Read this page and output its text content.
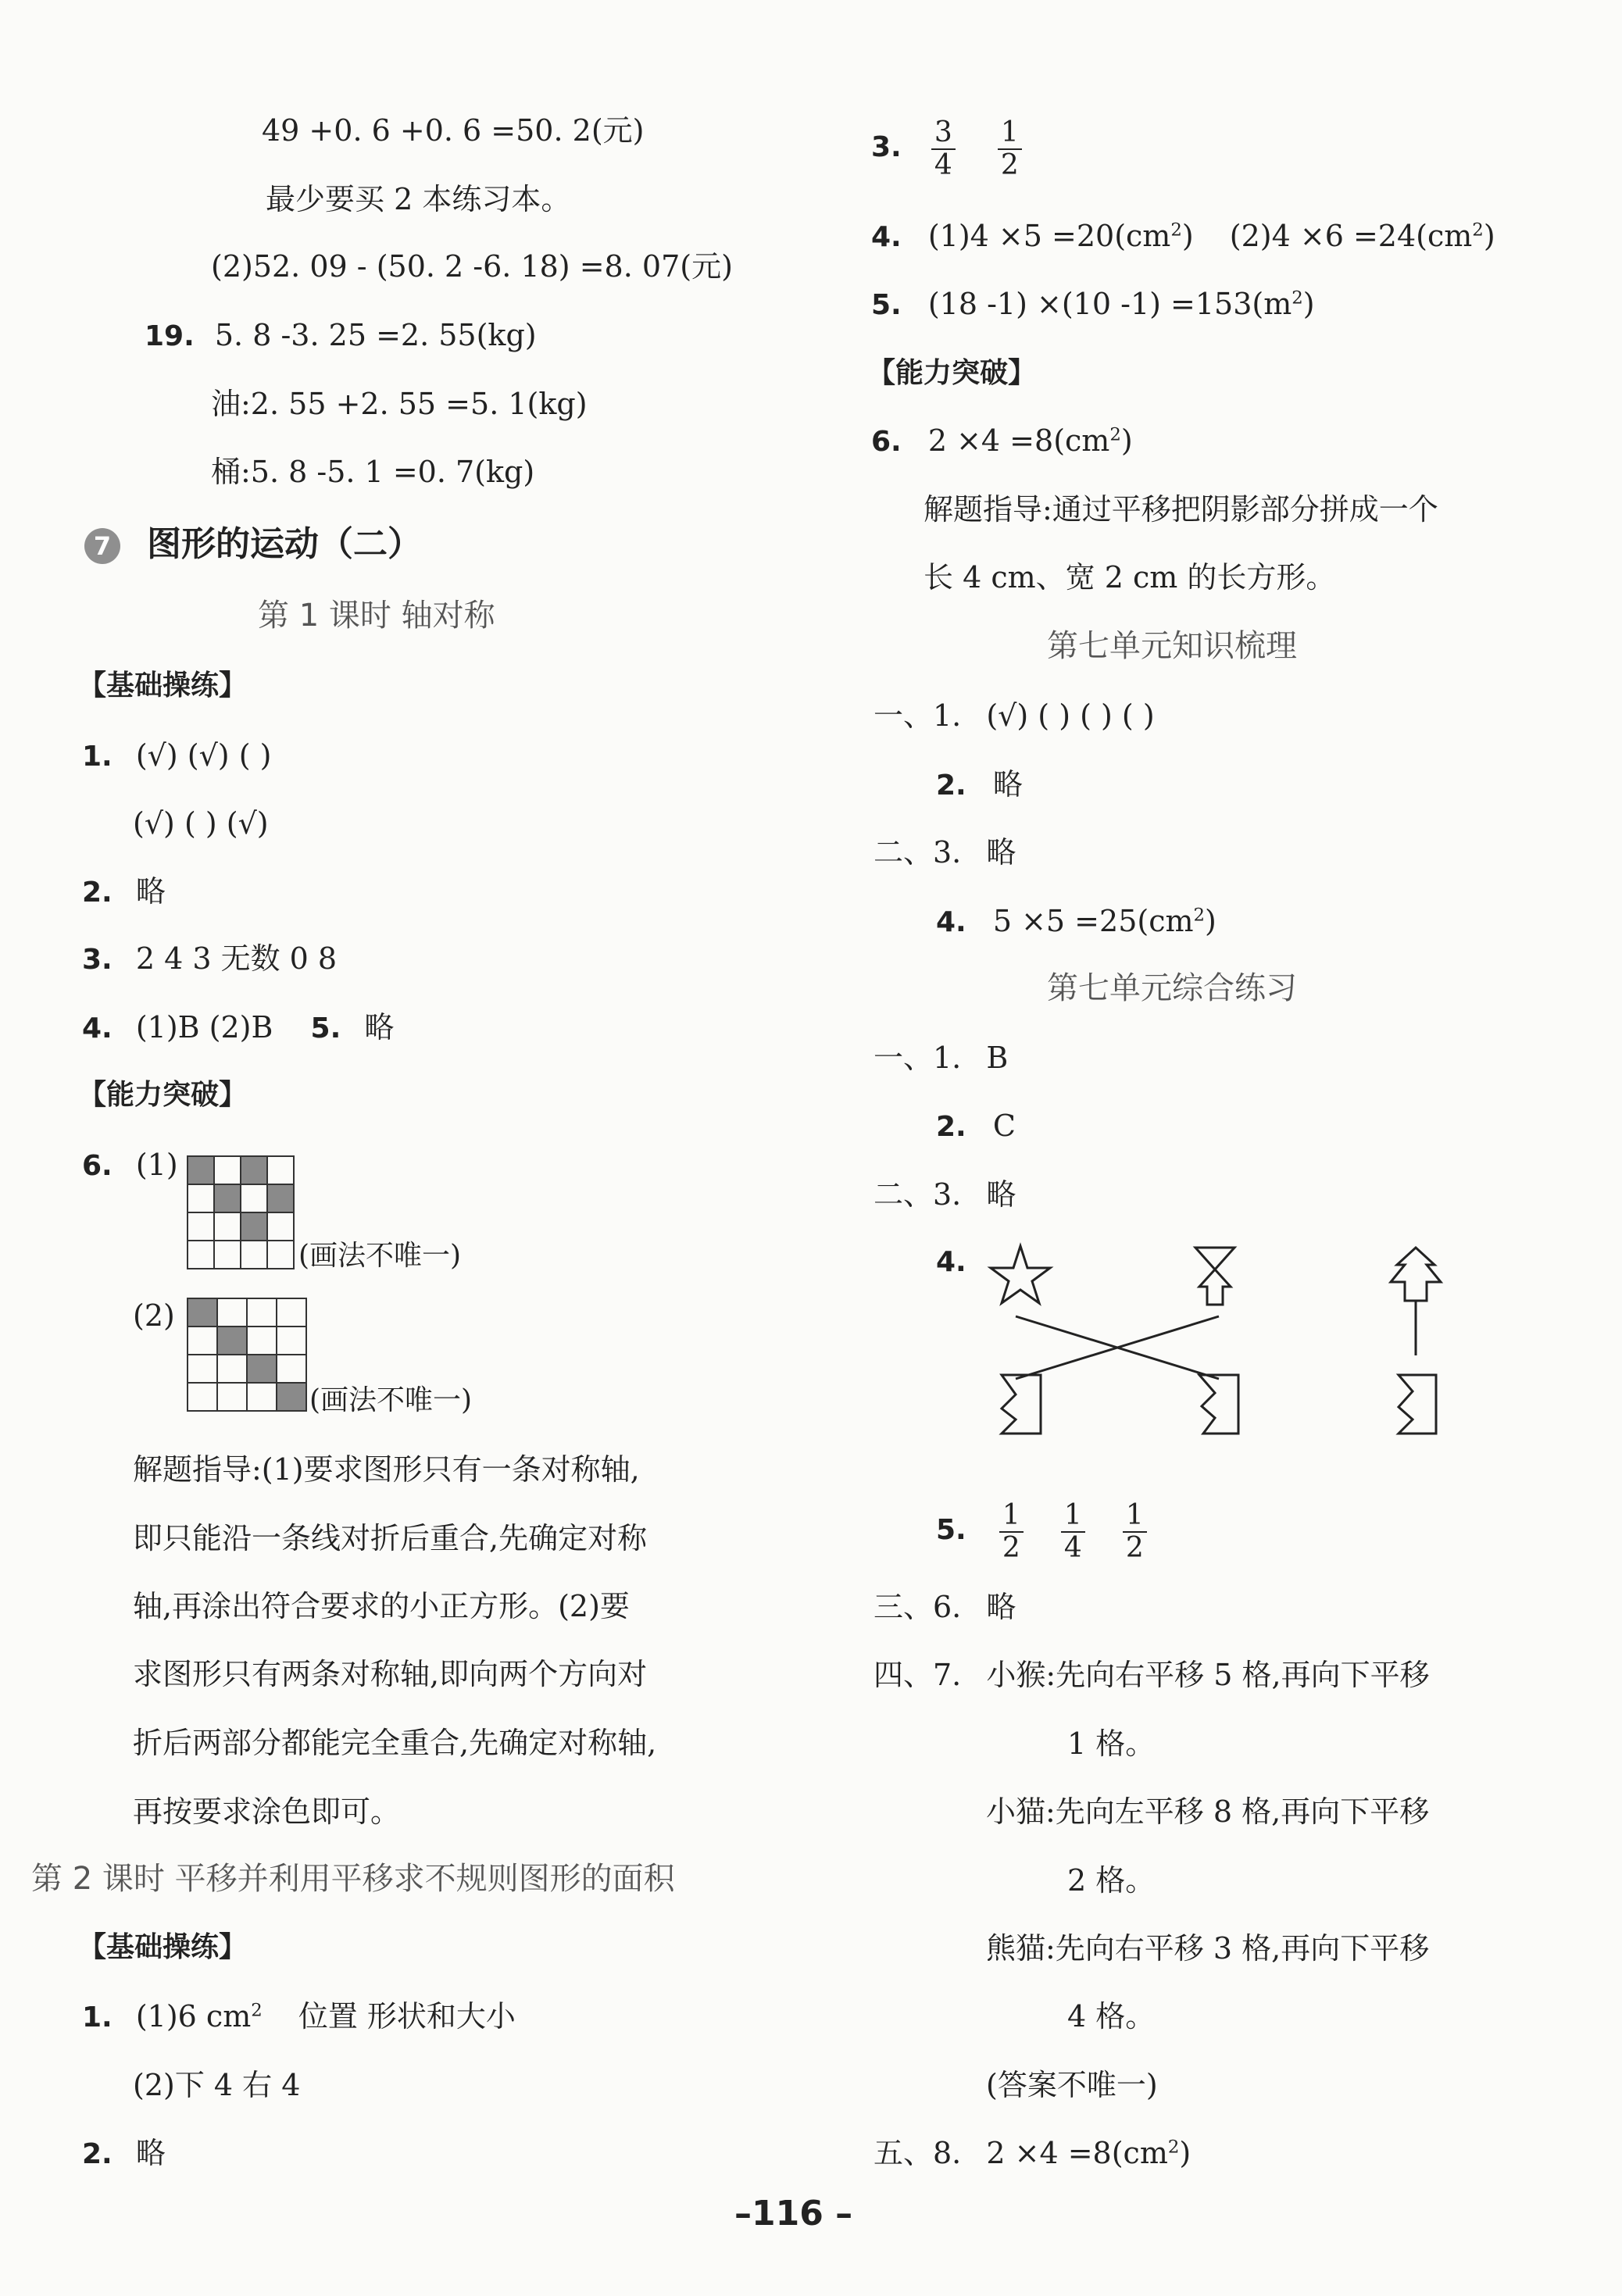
49 +0. 6 +0. 6 =50. 2(元)
最少要买 2 本练习本。
(2)52. 09 - (50. 2 -6. 18) =8. 07(元)
19. 5. 8 -3. 25 =2. 55(kg)
油:2. 55 +2. 55 =5. 1(kg)
桶:5. 8 -5. 1 =0. 7(kg)
7 图形的运动（二）
第 1 课时 轴对称
【基础操练】
1. (√) (√) ( )
(√) ( ) (√)
2. 略
3. 2 4 3 无数 0 8
4. (1)B (2)B 5. 略
【能力突破】
6. (1)
(画法不唯一)
(2)
(画法不唯一)
解题指导:(1)要求图形只有一条对称轴,
即只能沿一条线对折后重合,先确定对称
轴,再涂出符合要求的小正方形。(2)要
求图形只有两条对称轴,即向两个方向对
折后两部分都能完全重合,先确定对称轴,
再按要求涂色即可。
第 2 课时 平移并利用平移求不规则图形的面积
【基础操练】
1. (1)6 $cm^2$ 位置 形状和大小
(2)下 4 右 4
2. 略
3. $\frac{3}{4}$
$\frac{1}{2}$
4. $(1)4 \times 5 =20(cm^2)$ $(2)4 \times 6 =24(cm^2)$
5. (18 -1) ×(10 $-1) =153(m^2)$
【能力突破】
6. $2 \times 4 =8(cm^2)$
解题指导:通过平移把阴影部分拼成一个
长 4 cm、宽 2 cm 的长方形。
第七单元知识梳理
一、1. (√) ( ) ( ) ( )
2. 略
二、3. 略
4. $5 \times 5 =25(cm^2)$
第七单元综合练习
一、1. B
2. C
二、3. 略
4.
5. $\frac{1}{2}$
$\frac{1}{4}$
$\frac{1}{2}$
三、6. 略
四、7. 小猴:先向右平移 5 格,再向下平移
1 格。
小猫:先向左平移 8 格,再向下平移
2 格。
熊猫:先向右平移 3 格,再向下平移
4 格。
(答案不唯一)
五、8. $2 \times 4 =8(cm^2)$
–116 –
